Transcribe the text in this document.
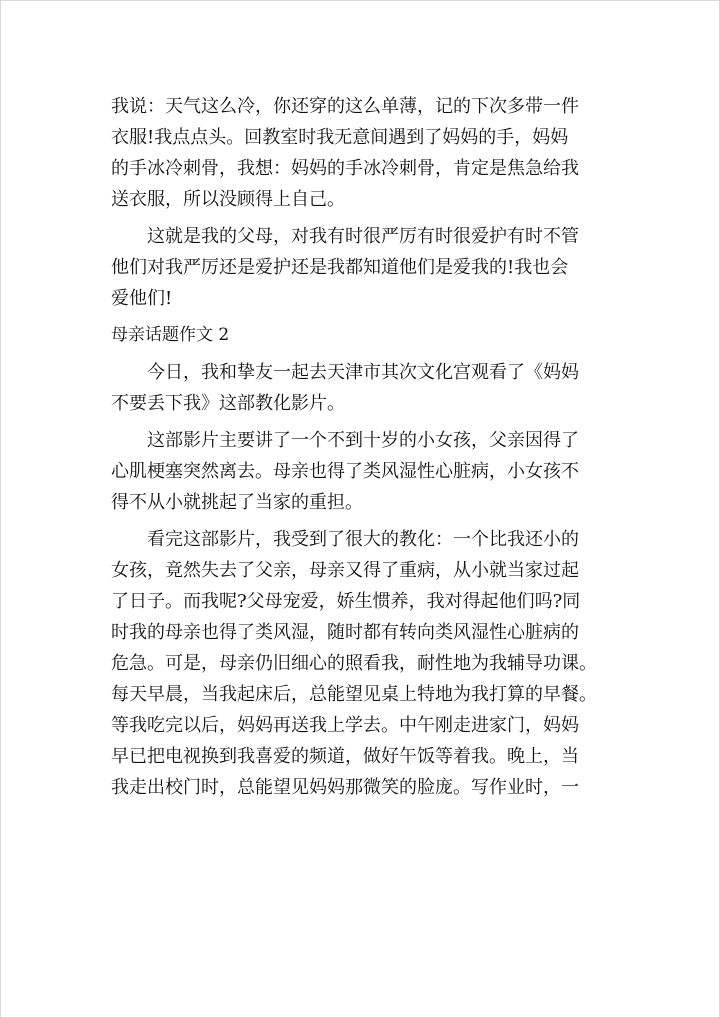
我说：天气这么冷，你还穿的这么单薄，记的下次多带一件
衣服!我点点头。回教室时我无意间遇到了妈妈的手，妈妈
的手冰冷刺骨，我想：妈妈的手冰冷刺骨，肯定是焦急给我
送衣服，所以没顾得上自己。
　　这就是我的父母，对我有时很严厉有时很爱护有时不管
他们对我严厉还是爱护还是我都知道他们是爱我的!我也会
爱他们!
母亲话题作文 2
　　今日，我和挚友一起去天津市其次文化宫观看了《妈妈
不要丢下我》这部教化影片。
　　这部影片主要讲了一个不到十岁的小女孩，父亲因得了
心肌梗塞突然离去。母亲也得了类风湿性心脏病，小女孩不
得不从小就挑起了当家的重担。
　　看完这部影片，我受到了很大的教化：一个比我还小的
女孩，竟然失去了父亲，母亲又得了重病，从小就当家过起
了日子。而我呢?父母宠爱，娇生惯养，我对得起他们吗?同
时我的母亲也得了类风湿，随时都有转向类风湿性心脏病的
危急。可是，母亲仍旧细心的照看我，耐性地为我辅导功课。
每天早晨，当我起床后，总能望见桌上特地为我打算的早餐。
等我吃完以后，妈妈再送我上学去。中午刚走进家门，妈妈
早已把电视换到我喜爱的频道，做好午饭等着我。晚上，当
我走出校门时，总能望见妈妈那微笑的脸庞。写作业时，一
